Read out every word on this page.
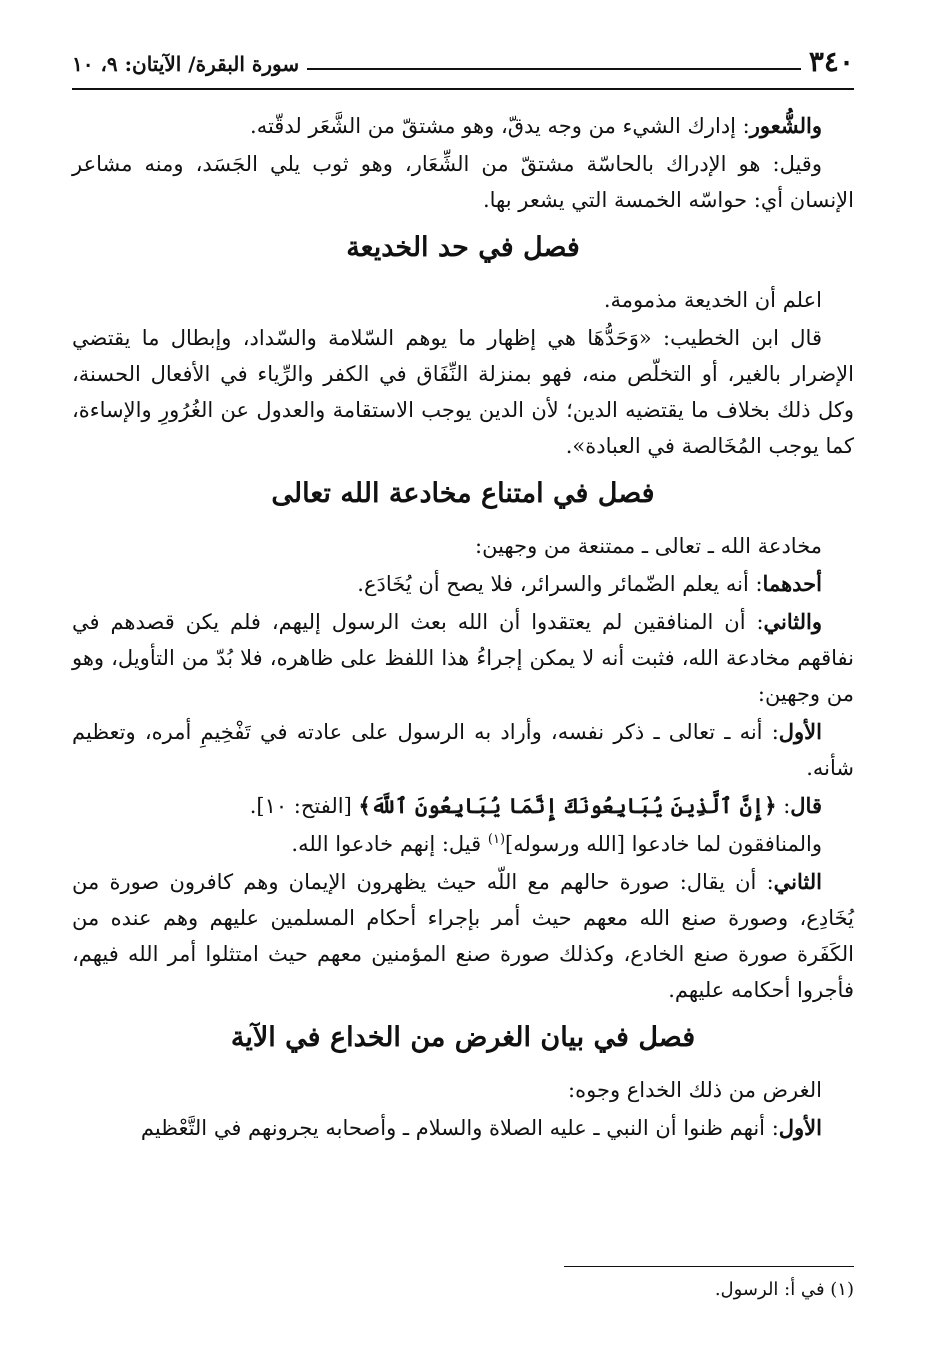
٣٤٠
سورة البقرة/ الآيتان: ٩، ١٠

والشُّعور: إدارك الشيء من وجه يدقّ، وهو مشتقّ من الشَّعَر لدقّته.

وقيل: هو الإدراك بالحاسّة مشتقّ من الشِّعَار، وهو ثوب يلي الجَسَد، ومنه مشاعر الإنسان أي: حواسّه الخمسة التي يشعر بها.

فصل في حد الخديعة

اعلم أن الخديعة مذمومة.

قال ابن الخطيب: «وَحَدُّهَا هي إظهار ما يوهم السّلامة والسّداد، وإبطال ما يقتضي الإضرار بالغير، أو التخلّص منه، فهو بمنزلة النِّفَاق في الكفر والرِّياء في الأفعال الحسنة، وكل ذلك بخلاف ما يقتضيه الدين؛ لأن الدين يوجب الاستقامة والعدول عن الغُرُورِ والإساءة، كما يوجب المُخَالصة في العبادة».

فصل في امتناع مخادعة الله تعالى

مخادعة الله ـ تعالى ـ ممتنعة من وجهين:

أحدهما: أنه يعلم الضّمائر والسرائر، فلا يصح أن يُخَادَع.

والثاني: أن المنافقين لم يعتقدوا أن الله بعث الرسول إليهم، فلم يكن قصدهم في نفاقهم مخادعة الله، فثبت أنه لا يمكن إجراءُ هذا اللفظ على ظاهره، فلا بُدّ من التأويل، وهو من وجهين:

الأول: أنه ـ تعالى ـ ذكر نفسه، وأراد به الرسول على عادته في تَفْخِيمِ أمره، وتعظيم شأنه.

قال: ﴿إِنَّ ٱلَّذِينَ يُبَايِعُونَكَ إِنَّمَا يُبَايِعُونَ ٱللَّهَ﴾ [الفتح: ١٠].

والمنافقون لما خادعوا [الله ورسوله]$^{(١)}$ قيل: إنهم خادعوا الله.

الثاني: أن يقال: صورة حالهم مع اللّه حيث يظهرون الإيمان وهم كافرون صورة من يُخَادِع، وصورة صنع الله معهم حيث أمر بإجراء أحكام المسلمين عليهم وهم عنده من الكَفَرة صورة صنع الخادع، وكذلك صورة صنع المؤمنين معهم حيث امتثلوا أمر الله فيهم، فأجروا أحكامه عليهم.

فصل في بيان الغرض من الخداع في الآية

الغرض من ذلك الخداع وجوه:

الأول: أنهم ظنوا أن النبي ـ عليه الصلاة والسلام ـ وأصحابه يجرونهم في التَّعْظيم

(١) في أ: الرسول.
